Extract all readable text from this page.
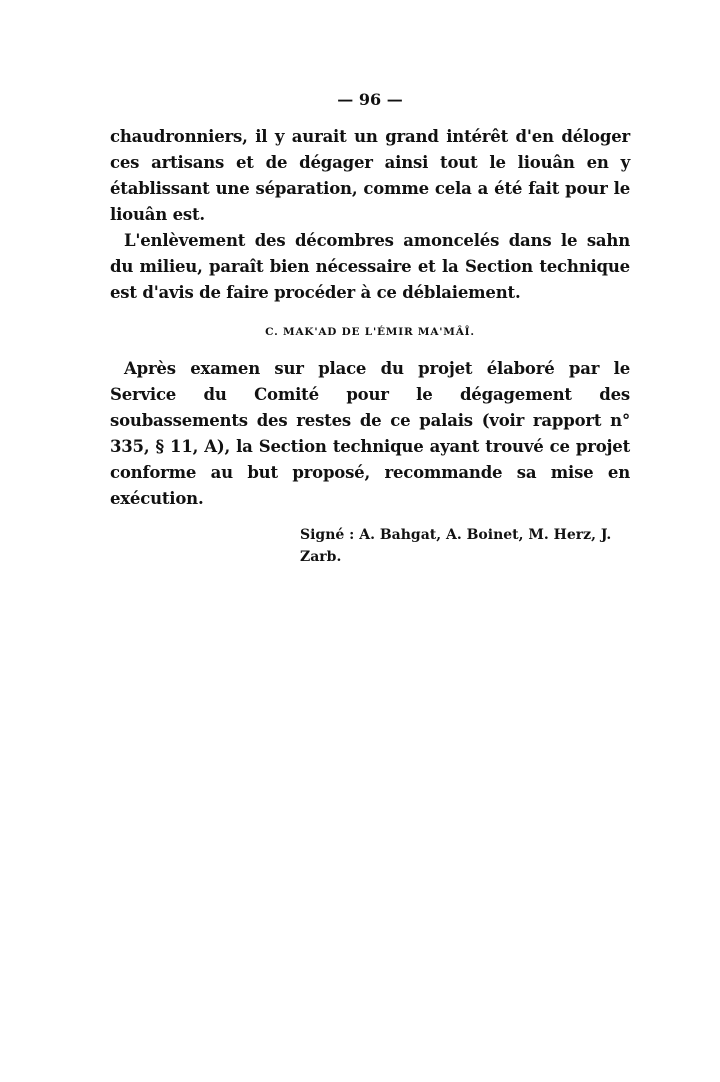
— 96 —

chaudronniers, il y aurait un grand intérêt d'en déloger ces artisans et de dégager ainsi tout le liouân en y établissant une séparation, comme cela a été fait pour le liouân est.

L'enlèvement des décombres amoncelés dans le sahn du milieu, paraît bien nécessaire et la Section technique est d'avis de faire procéder à ce déblaiement.

C. MAK'AD DE L'ÉMIR MA'MÂÎ.

Après examen sur place du projet élaboré par le Service du Comité pour le dégagement des soubassements des restes de ce palais (voir rapport n° 335, § 11, A), la Section technique ayant trouvé ce projet conforme au but proposé, recommande sa mise en exécution.

Signé : A. Bahgat, A. Boinet, M. Herz, J. Zarb.
